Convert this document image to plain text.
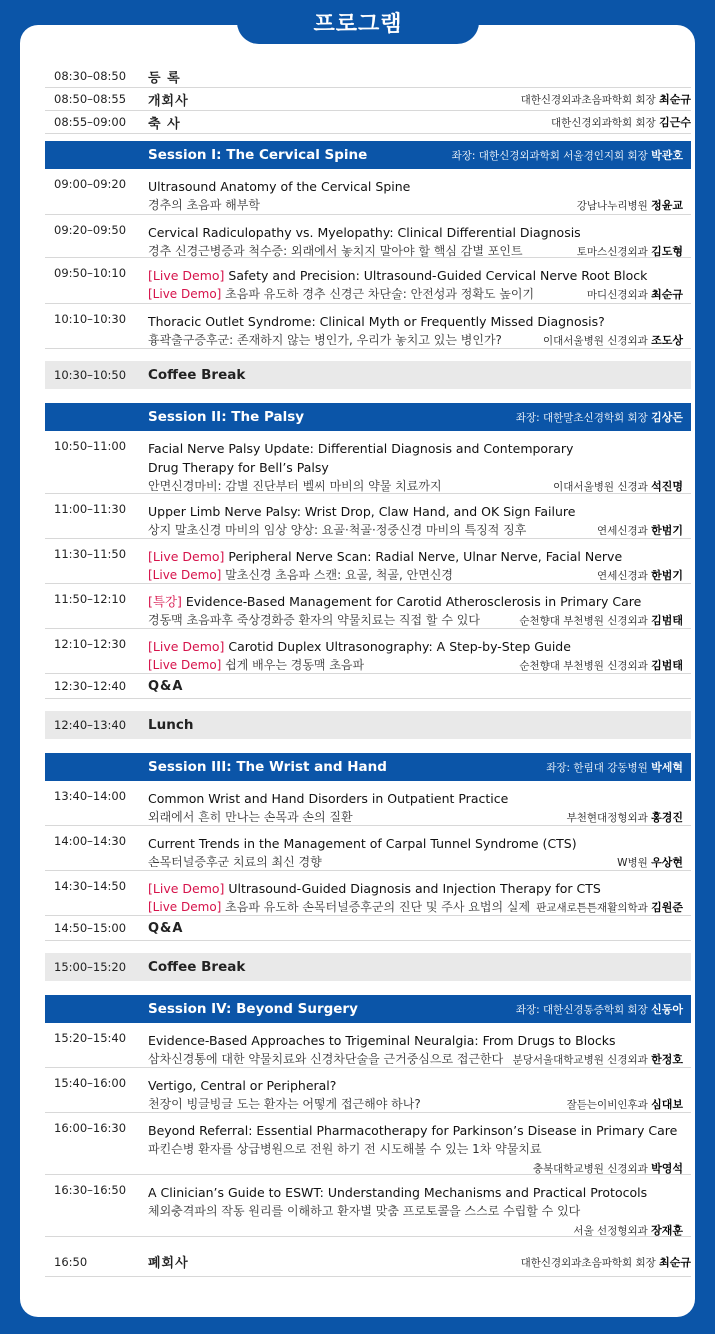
프로그램
08:30–08:50	등 록
08:50–08:55	개회사	대한신경외과초음파학회 회장 최순규
08:55–09:00	축 사	대한신경외과학회 회장 김근수
Session I: The Cervical Spine	좌장: 대한신경외과학회 서울경인지회 회장 박관호
09:00–09:20	Ultrasound Anatomy of the Cervical Spine
경추의 초음파 해부학	강남나누리병원 정윤교
09:20–09:50	Cervical Radiculopathy vs. Myelopathy: Clinical Differential Diagnosis
경추 신경근병증과 척수증: 외래에서 놓치지 말아야 할 핵심 감별 포인트	토마스신경외과 김도형
09:50–10:10	[Live Demo] Safety and Precision: Ultrasound-Guided Cervical Nerve Root Block
[Live Demo] 초음파 유도하 경추 신경근 차단술: 안전성과 정확도 높이기	마디신경외과 최순규
10:10–10:30	Thoracic Outlet Syndrome: Clinical Myth or Frequently Missed Diagnosis?
흉곽출구증후군: 존재하지 않는 병인가, 우리가 놓치고 있는 병인가?	이대서울병원 신경외과 조도상
10:30–10:50	Coffee Break
Session II: The Palsy	좌장: 대한말초신경학회 회장 김상돈
10:50–11:00	Facial Nerve Palsy Update: Differential Diagnosis and Contemporary
Drug Therapy for Bell’s Palsy
안면신경마비: 감별 진단부터 벨씨 마비의 약물 치료까지	이대서울병원 신경과 석진명
11:00–11:30	Upper Limb Nerve Palsy: Wrist Drop, Claw Hand, and OK Sign Failure
상지 말초신경 마비의 임상 양상: 요골·척골·정중신경 마비의 특징적 징후	연세신경과 한범기
11:30–11:50	[Live Demo] Peripheral Nerve Scan: Radial Nerve, Ulnar Nerve, Facial Nerve
[Live Demo] 말초신경 초음파 스캔: 요골, 척골, 안면신경	연세신경과 한범기
11:50–12:10	[특강] Evidence-Based Management for Carotid Atherosclerosis in Primary Care
경동맥 초음파후 죽상경화증 환자의 약물치료는 직접 할 수 있다	순천향대 부천병원 신경외과 김범태
12:10–12:30	[Live Demo] Carotid Duplex Ultrasonography: A Step-by-Step Guide
[Live Demo] 쉽게 배우는 경동맥 초음파	순천향대 부천병원 신경외과 김범태
12:30–12:40	Q&A
12:40–13:40	Lunch
Session III: The Wrist and Hand	좌장: 한림대 강동병원 박세혁
13:40–14:00	Common Wrist and Hand Disorders in Outpatient Practice
외래에서 흔히 만나는 손목과 손의 질환	부천현대정형외과 홍경진
14:00–14:30	Current Trends in the Management of Carpal Tunnel Syndrome (CTS)
손목터널증후군 치료의 최신 경향	W병원 우상현
14:30–14:50	[Live Demo] Ultrasound-Guided Diagnosis and Injection Therapy for CTS
[Live Demo] 초음파 유도하 손목터널증후군의 진단 및 주사 요법의 실제 판교새로튼튼재활의학과 김원준
14:50–15:00	Q&A
15:00–15:20	Coffee Break
Session IV: Beyond Surgery	좌장: 대한신경통증학회 회장 신동아
15:20–15:40	Evidence-Based Approaches to Trigeminal Neuralgia: From Drugs to Blocks
삼차신경통에 대한 약물치료와 신경차단술을 근거중심으로 접근한다 분당서울대학교병원 신경외과 한정호
15:40–16:00	Vertigo, Central or Peripheral?
천장이 빙글빙글 도는 환자는 어떻게 접근해야 하나?	잘듣는이비인후과 심대보
16:00–16:30	Beyond Referral: Essential Pharmacotherapy for Parkinson’s Disease in Primary Care
파킨슨병 환자를 상급병원으로 전원 하기 전 시도해볼 수 있는 1차 약물치료
충북대학교병원 신경외과 박영석
16:30–16:50	A Clinician’s Guide to ESWT: Understanding Mechanisms and Practical Protocols
체외충격파의 작동 원리를 이해하고 환자별 맞춤 프로토콜을 스스로 수립할 수 있다
서울 선정형외과 장재훈
16:50	폐회사	대한신경외과초음파학회 회장 최순규
